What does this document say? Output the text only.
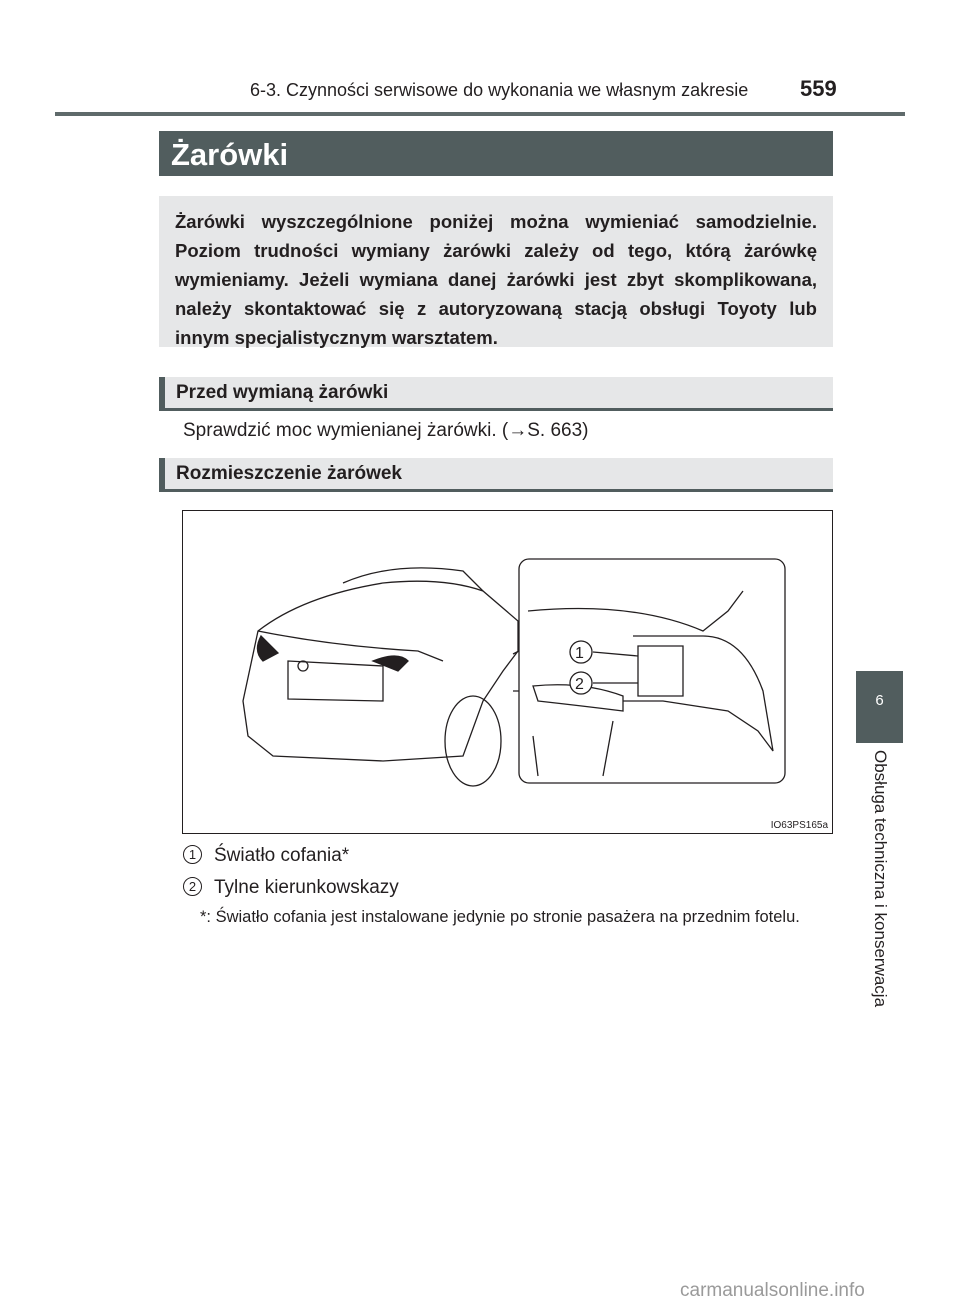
6-3. Czynności serwisowe do wykonania we własnym zakresie 559
Żarówki
Żarówki wyszczególnione poniżej można wymieniać samodzielnie. Poziom trudności wymiany żarówki zależy od tego, którą żarówkę wymieniamy. Jeżeli wymiana danej żarówki jest zbyt skomplikowana, należy skontaktować się z autoryzowaną stacją obsługi Toyoty lub innym specjalistycznym warsztatem.
Przed wymianą żarówki
Sprawdzić moc wymienianej żarówki. (→S. 663)
Rozmieszczenie żarówek
1
2
IO63PS165a
1 Światło cofania*
2 Tylne kierunkowskazy
*: Światło cofania jest instalowane jedynie po stronie pasażera na przednim fotelu.
6
Obsługa techniczna i konserwacja
carmanualsonline.info
